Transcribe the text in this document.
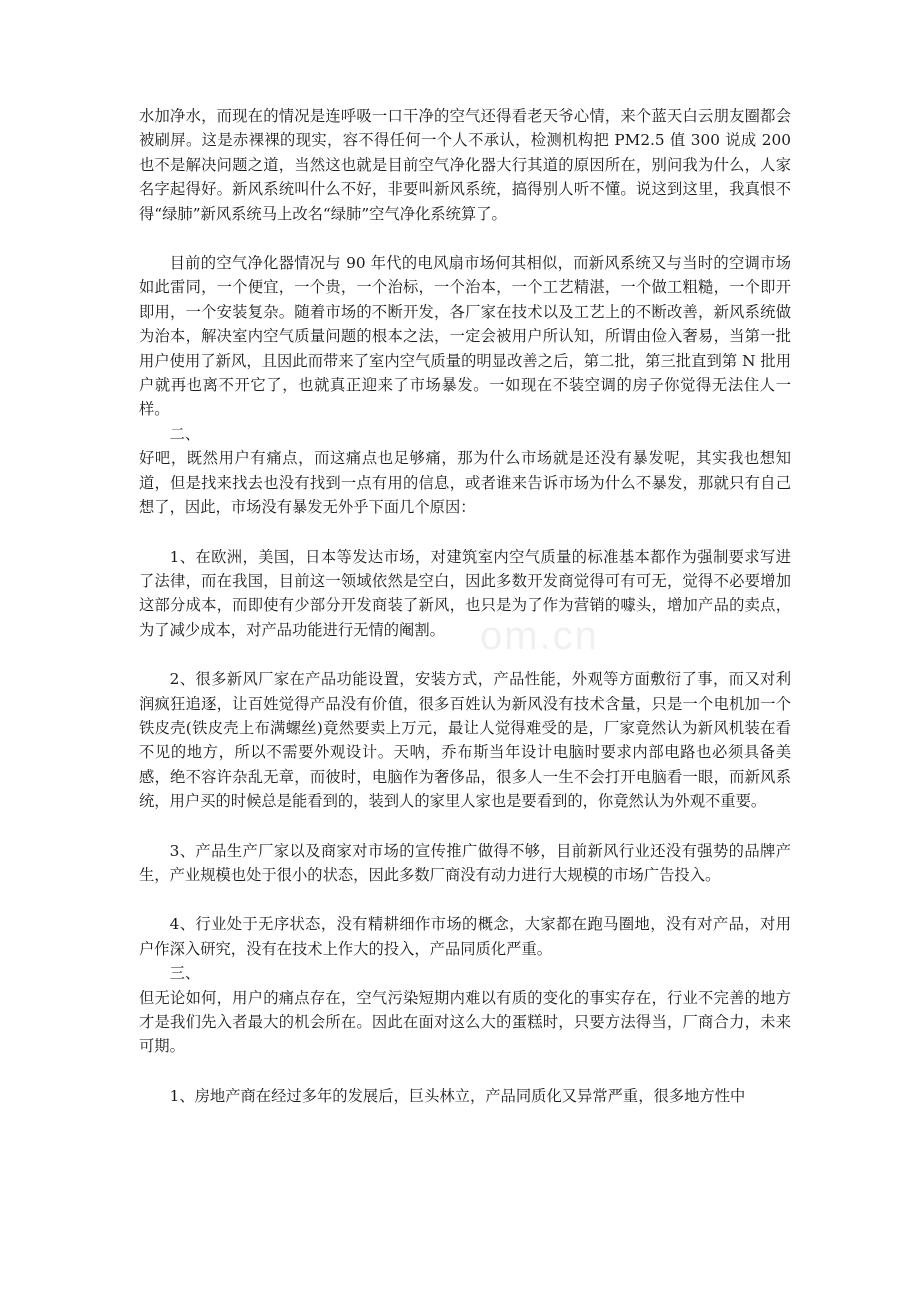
水加净水，而现在的情况是连呼吸一口干净的空气还得看老天爷心情，来个蓝天白云朋友圈都会被刷屏。这是赤裸裸的现实，容不得任何一个人不承认，检测机构把 PM2.5 值 300 说成 200 也不是解决问题之道，当然这也就是目前空气净化器大行其道的原因所在，别问我为什么，人家名字起得好。新风系统叫什么不好，非要叫新风系统，搞得别人听不懂。说这到这里，我真恨不得“绿肺”新风系统马上改名“绿肺”空气净化系统算了。

目前的空气净化器情况与 90 年代的电风扇市场何其相似，而新风系统又与当时的空调市场如此雷同，一个便宜，一个贵，一个治标，一个治本，一个工艺精湛，一个做工粗糙，一个即开即用，一个安装复杂。随着市场的不断开发，各厂家在技术以及工艺上的不断改善，新风系统做为治本，解决室内空气质量问题的根本之法，一定会被用户所认知，所谓由俭入奢易，当第一批用户使用了新风，且因此而带来了室内空气质量的明显改善之后，第二批，第三批直到第 N 批用户就再也离不开它了，也就真正迎来了市场暴发。一如现在不装空调的房子你觉得无法住人一样。

二、

好吧，既然用户有痛点，而这痛点也足够痛，那为什么市场就是还没有暴发呢，其实我也想知道，但是找来找去也没有找到一点有用的信息，或者谁来告诉市场为什么不暴发，那就只有自己想了，因此，市场没有暴发无外乎下面几个原因：

1、在欧洲，美国，日本等发达市场，对建筑室内空气质量的标准基本都作为强制要求写进了法律，而在我国，目前这一领域依然是空白，因此多数开发商觉得可有可无，觉得不必要增加这部分成本，而即使有少部分开发商装了新风，也只是为了作为营销的噱头，增加产品的卖点，为了减少成本，对产品功能进行无情的阉割。

2、很多新风厂家在产品功能设置，安装方式，产品性能，外观等方面敷衍了事，而又对利润疯狂追逐，让百姓觉得产品没有价值，很多百姓认为新风没有技术含量，只是一个电机加一个铁皮壳(铁皮壳上布满螺丝)竟然要卖上万元，最让人觉得难受的是，厂家竟然认为新风机装在看不见的地方，所以不需要外观设计。天呐，乔布斯当年设计电脑时要求内部电路也必须具备美感，绝不容许杂乱无章，而彼时，电脑作为奢侈品，很多人一生不会打开电脑看一眼，而新风系统，用户买的时候总是能看到的，装到人的家里人家也是要看到的，你竟然认为外观不重要。

3、产品生产厂家以及商家对市场的宣传推广做得不够，目前新风行业还没有强势的品牌产生，产业规模也处于很小的状态，因此多数厂商没有动力进行大规模的市场广告投入。

4、行业处于无序状态，没有精耕细作市场的概念，大家都在跑马圈地，没有对产品，对用户作深入研究，没有在技术上作大的投入，产品同质化严重。

三、

但无论如何，用户的痛点存在，空气污染短期内难以有质的变化的事实存在，行业不完善的地方才是我们先入者最大的机会所在。因此在面对这么大的蛋糕时，只要方法得当，厂商合力，未来可期。

1、房地产商在经过多年的发展后，巨头林立，产品同质化又异常严重，很多地方性中

om.cn
